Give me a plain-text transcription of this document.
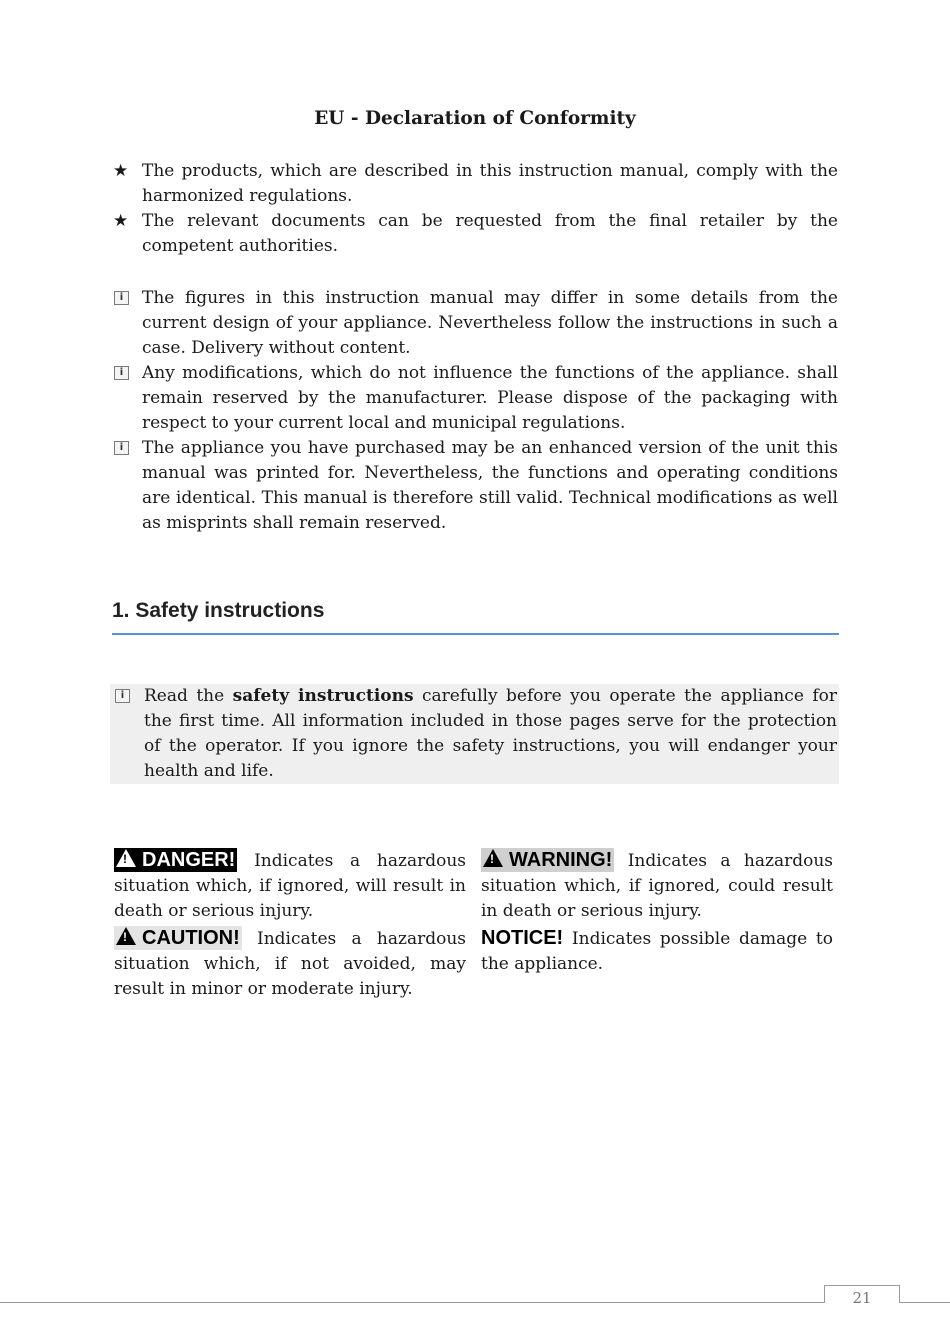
EU - Declaration of Conformity
★ The products, which are described in this instruction manual, comply with the harmonized regulations.
★ The relevant documents can be requested from the final retailer by the competent authorities.
i	The figures in this instruction manual may differ in some details from the current design of your appliance. Nevertheless follow the instructions in such a case. Delivery without content.
i	Any modifications, which do not influence the functions of the appliance. shall remain reserved by the manufacturer. Please dispose of the packaging with respect to your current local and municipal regulations.
i	The appliance you have purchased may be an enhanced version of the unit this manual was printed for. Nevertheless, the functions and operating conditions are identical. This manual is therefore still valid. Technical modifications as well as misprints shall remain reserved.
1. Safety instructions
i	Read the safety instructions carefully before you operate the appliance for the first time. All information included in those pages serve for the protection of the operator. If you ignore the safety instructions, you will endanger your health and life.
!DANGER! Indicates a hazardous situation which, if ignored, will result in death or serious injury.
!CAUTION! Indicates a hazardous situation which, if not avoided, may result in minor or moderate injury.
!WARNING! Indicates a hazardous situation which, if ignored, could result in death or serious injury.
NOTICE! Indicates possible damage to the appliance.
21
